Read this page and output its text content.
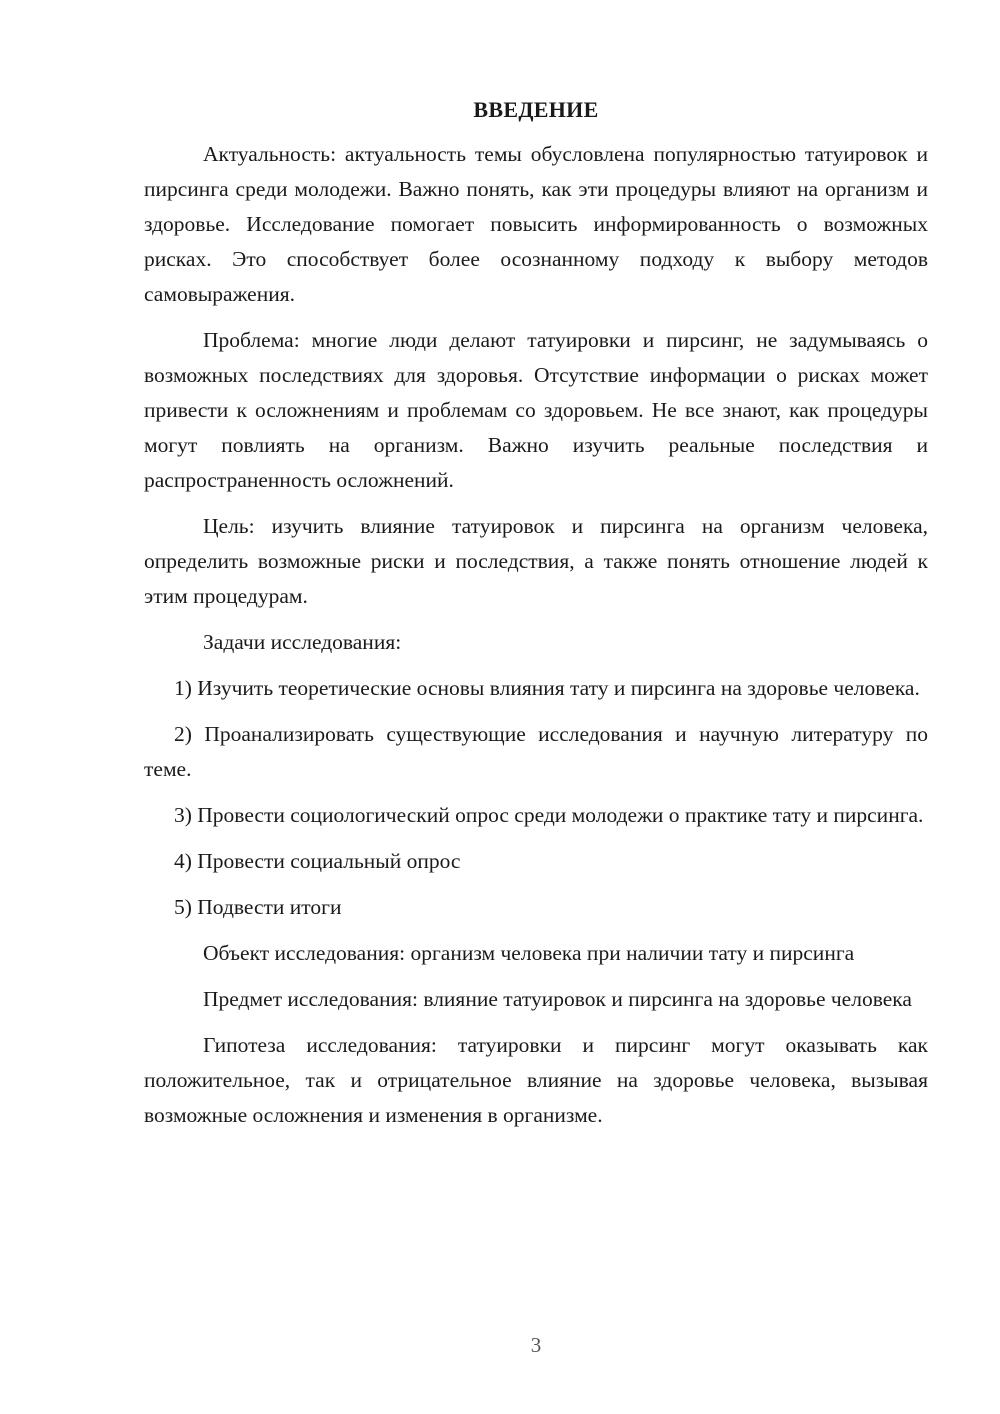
ВВЕДЕНИЕ

Актуальность: актуальность темы обусловлена популярностью татуировок и пирсинга среди молодежи. Важно понять, как эти процедуры влияют на организм и здоровье. Исследование помогает повысить информированность о возможных рисках. Это способствует более осознанному подходу к выбору методов самовыражения.

Проблема: многие люди делают татуировки и пирсинг, не задумываясь о возможных последствиях для здоровья. Отсутствие информации о рисках может привести к осложнениям и проблемам со здоровьем. Не все знают, как процедуры могут повлиять на организм. Важно изучить реальные последствия и распространенность осложнений.

Цель: изучить влияние татуировок и пирсинга на организм человека, определить возможные риски и последствия, а также понять отношение людей к этим процедурам.

Задачи исследования:

1) Изучить теоретические основы влияния тату и пирсинга на здоровье человека.

2) Проанализировать существующие исследования и научную литературу по теме.

3) Провести социологический опрос среди молодежи о практике тату и пирсинга.

4) Провести социальный опрос

5) Подвести итоги

Объект исследования: организм человека при наличии тату и пирсинга

Предмет исследования: влияние татуировок и пирсинга на здоровье человека

Гипотеза исследования: татуировки и пирсинг могут оказывать как положительное, так и отрицательное влияние на здоровье человека, вызывая возможные осложнения и изменения в организме.

3
